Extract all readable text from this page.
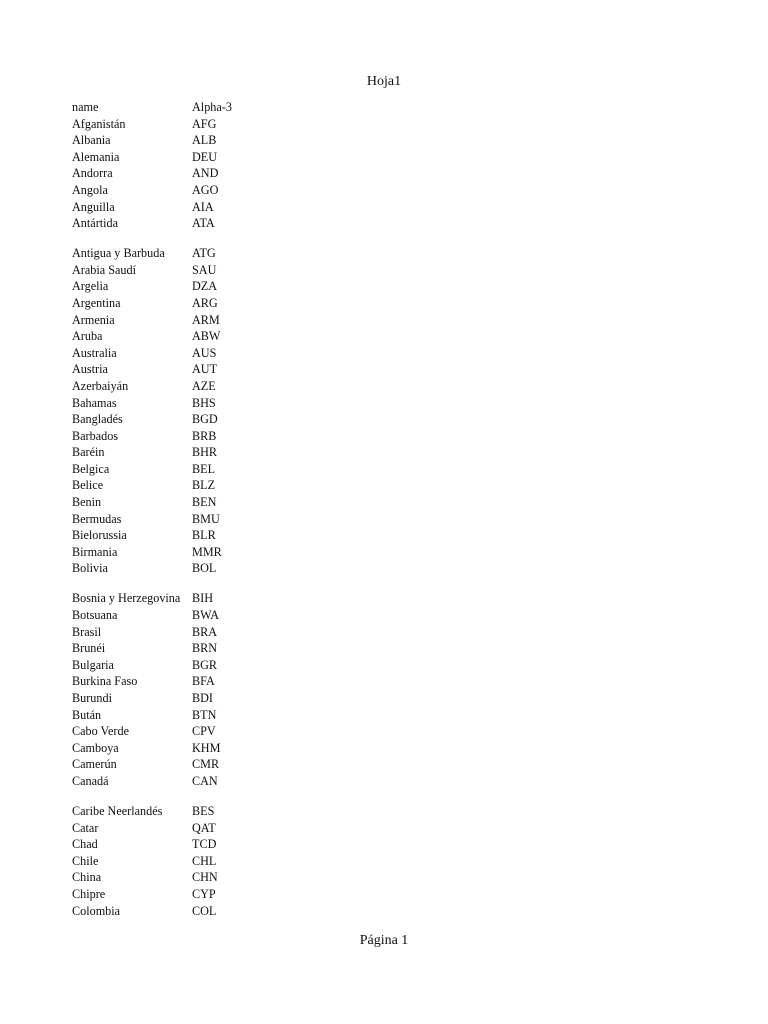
Hoja1
name	Alpha-3
Afganistán	AFG
Albania	ALB
Alemania	DEU
Andorra	AND
Angola	AGO
Anguilla	AIA
Antártida	ATA
Antigua y Barbuda	ATG
Arabia Saudí	SAU
Argelia	DZA
Argentina	ARG
Armenia	ARM
Aruba	ABW
Australia	AUS
Austria	AUT
Azerbaiyán	AZE
Bahamas	BHS
Bangladés	BGD
Barbados	BRB
Baréin	BHR
Belgica	BEL
Belice	BLZ
Benin	BEN
Bermudas	BMU
Bielorussia	BLR
Birmania	MMR
Bolivia	BOL
Bosnia y Herzegovina BIH
Botsuana	BWA
Brasil	BRA
Brunéi	BRN
Bulgaria	BGR
Burkina Faso	BFA
Burundi	BDI
Bután	BTN
Cabo Verde	CPV
Camboya	KHM
Camerún	CMR
Canadá	CAN
Caribe Neerlandés	BES
Catar	QAT
Chad	TCD
Chile	CHL
China	CHN
Chipre	CYP
Colombia	COL
Página 1
